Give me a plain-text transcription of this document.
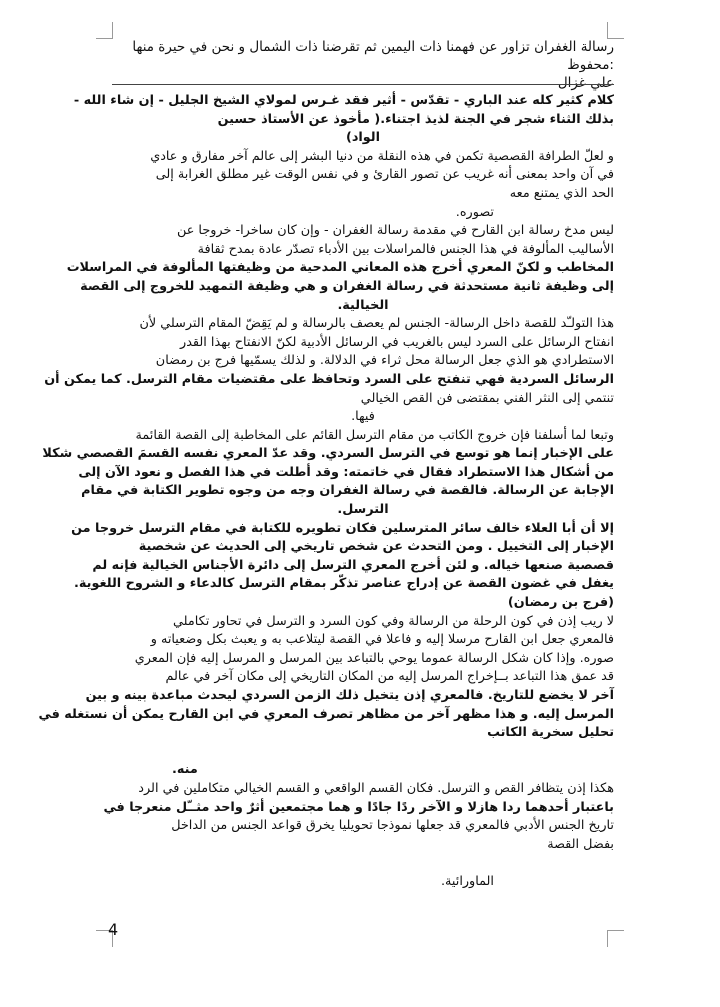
رسالة الغفران تزاور عن فهمنا ذات اليمين ثم تقرضنا ذات الشمال و نحن في حيرة منها :محفوظ
علي غزال
كلام كثير كله عند الباري - تقدّس - أثير فقد غـرس لمولاي الشيخ الجليل - إن شاء الله -
بذلك الثناء شجر في الجنة لذيذ اجتناء.( مأخوذ عن الأستاذ حسين
الواد)
و لعلّ الطرافة القصصية تكمن في هذه النقلة من دنيا البشر إلى عالم آخر مفارق و عادي
في آن واحد بمعنى أنه غريب عن تصور القارئ و في نفس الوقت غير مطلق الغرابة إلى
الحد الذي يمتنع معه
تصوره.
ليس مدخ رسالة ابن القارح في مقدمة رسالة الغفران - وإن كان ساخرا- خروجا عن
الأساليب المألوفة في هذا الجنس فالمراسلات بين الأدباء تصدّر عادة بمدح ثقافة
المخاطب و لكنّ المعري أخرج هذه المعاني المدحية من وظيفتها المألوفة في المراسلات
إلى وظيفة ثانية مستحدثة في رسالة الغفران و هي وظيفة التمهيد للخروج إلى القصة
الخيالية.
هذا التولـّد للقصة داخل الرسالة- الجنس لم يعصف بالرسالة و لم يَقِضّ المقام الترسلي لأن
انفتاح الرسائل على السرد ليس بالغريب في الرسائل الأدبية لكنّ الانفتاح بهذا القدر
الاستطرادي هو الذي جعل الرسالة محل ثراء في الدلالة. و لذلك يسمّيها فرج بن رمضان
الرسائل السردية فهي تنفتح على السرد وتحافظ على مقتضيات مقام الترسل. كما يمكن أن
تنتمي إلى النثر الفني بمقتضى فن القص الخيالي
فيها.
وتبعا لما أسلفنا فإن خروج الكاتب من مقام الترسل القائم على المخاطبة إلى القصة القائمة
على الإخبار إنما هو توسع في الترسل السردي. وقد عدّ المعري نفسه القسمَ القصصي شكلا
من أشكال هذا الاستطراد فقال في خاتمته: وقد أطلت في هذا الفصل و نعود الآن إلى
الإجابة عن الرسالة. فالقصة في رسالة الغفران وجه من وجوه تطوير الكتابة في مقام
الترسل.
إلا أن أبا العلاء خالف سائر المترسلين فكان تطويره للكتابة في مقام الترسل خروجا من
الإخبار إلى التخييل . ومن التحدث عن شخص تاريخي إلى الحديث عن شخصية
قصصية صنعها خياله. و لئن أخرج المعري الترسل إلى دائرة الأجناس الخيالية فإنه لم
يغفل في غضون القصة عن إدراج عناصر تذكّر بمقام الترسل كالدعاء و الشروح اللغوية.
(فرج بن رمضان)
لا ريب إذن في كون الرحلة من الرسالة وفي كون السرد و الترسل في تحاور تكاملي
فالمعري جعل ابن القارح مرسلا إليه و فاعلا في القصة ليتلاعب به و يعبث بكل وضعياته و
صوره. وإذا كان شكل الرسالة عموما يوحي بالتباعد بين المرسل و المرسل إليه فإن المعري
قد عمق هذا التباعد بــإخراج المرسل إليه من المكان التاريخي إلى مكان آخر في عالم
آخر لا يخضع للتاريخ. فالمعري إذن يتخيل ذلك الزمن السردي ليحدث مباعدة بينه و بين
المرسل إليه. و هذا مظهر آخر من مظاهر تصرف المعري في ابن القارح يمكن أن نستغله في
تحليل سخرية الكاتب
منه.
هكذا إذن يتظافر القص و الترسل. فكان القسم الواقعي و القسم الخيالي متكاملين في الرد
باعتبار أحدهما ردا هازلا و الآخر ردًا جادًا و هما مجتمعين أثرٌ واحد مثــّل منعرجا في
تاريخ الجنس الأدبي فالمعري قد جعلها نموذجا تحويليا يخرق قواعد الجنس من الداخل
بفضل القصة
الماورائية.
4
